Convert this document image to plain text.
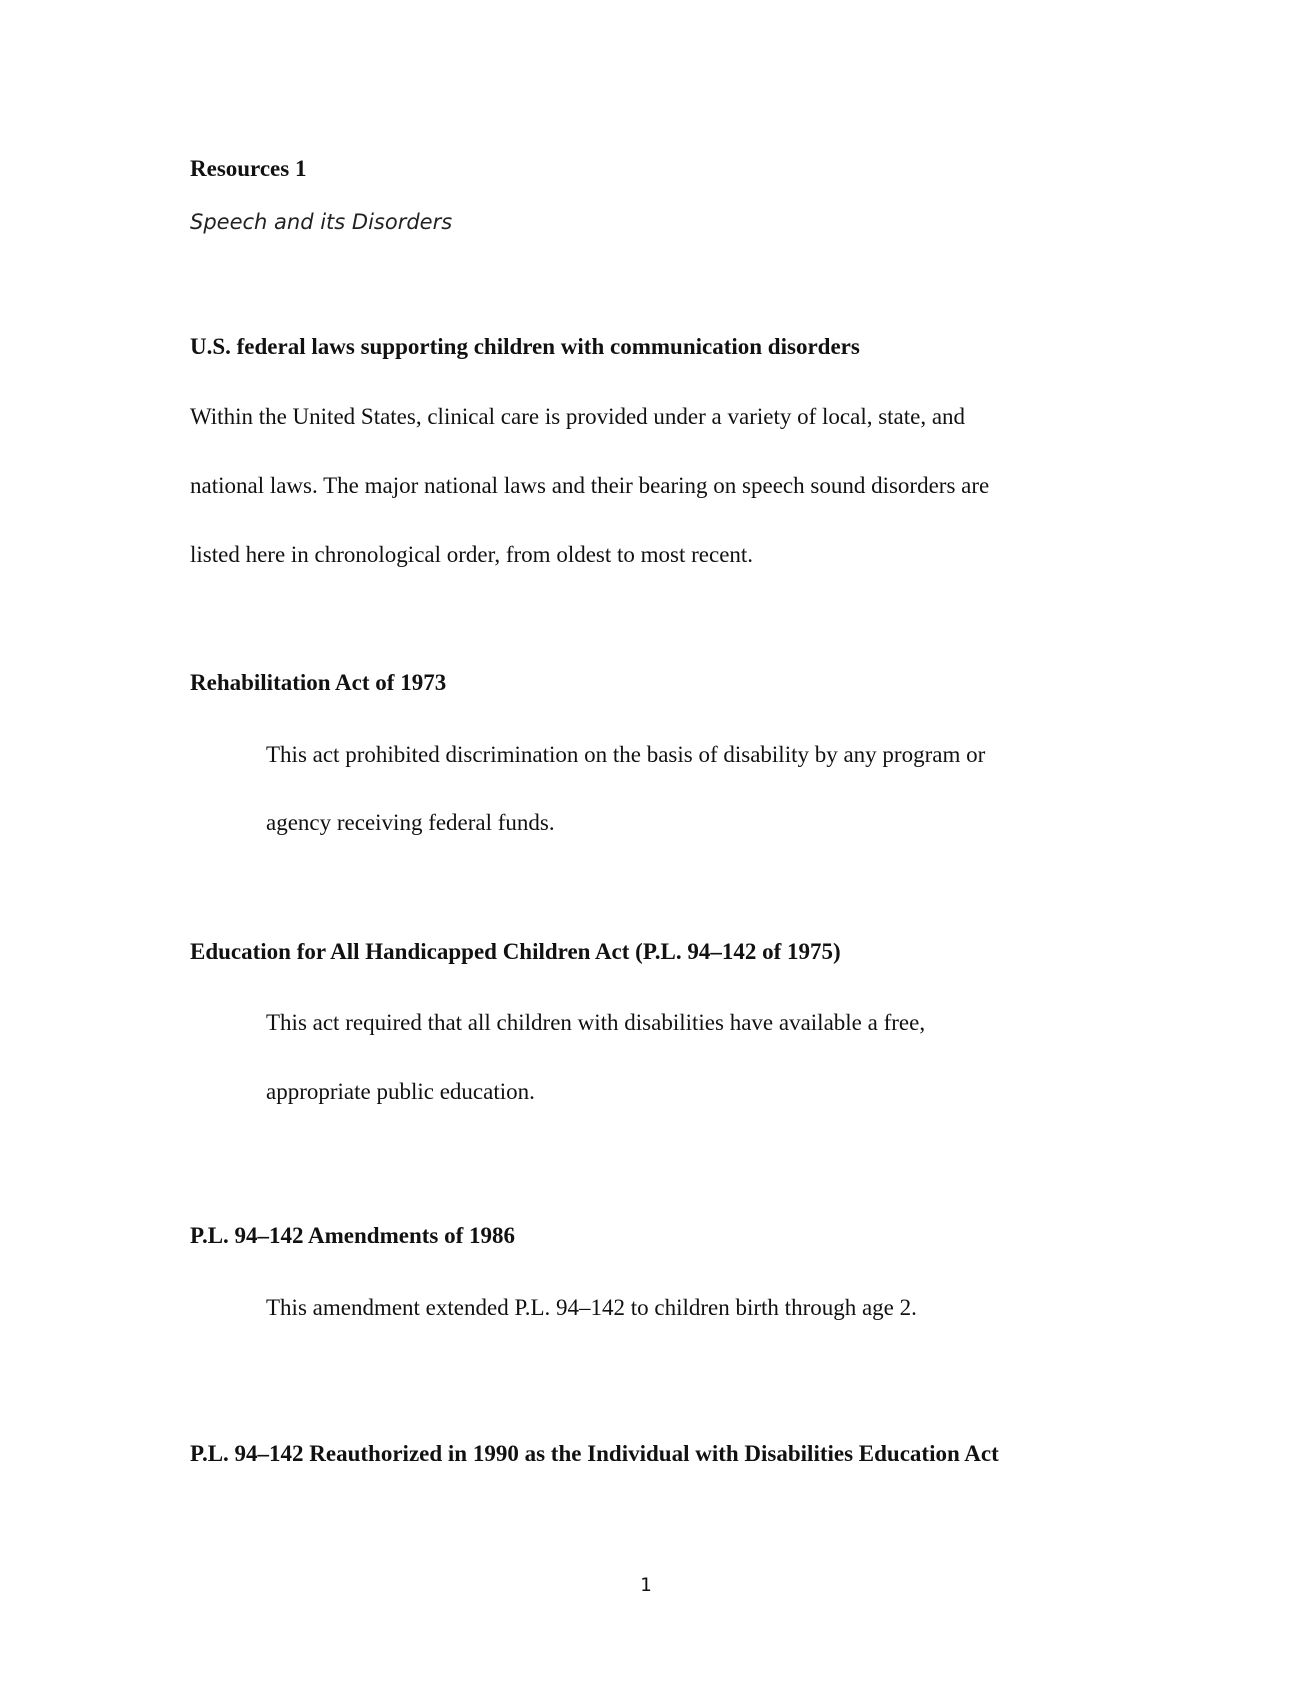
Resources 1
Speech and its Disorders
U.S. federal laws supporting children with communication disorders
Within the United States, clinical care is provided under a variety of local, state, and
national laws. The major national laws and their bearing on speech sound disorders are
listed here in chronological order, from oldest to most recent.
Rehabilitation Act of 1973
This act prohibited discrimination on the basis of disability by any program or
agency receiving federal funds.
Education for All Handicapped Children Act (P.L. 94–142 of 1975)
This act required that all children with disabilities have available a free,
appropriate public education.
P.L. 94–142 Amendments of 1986
This amendment extended P.L. 94–142 to children birth through age 2.
P.L. 94–142 Reauthorized in 1990 as the Individual with Disabilities Education Act
1
